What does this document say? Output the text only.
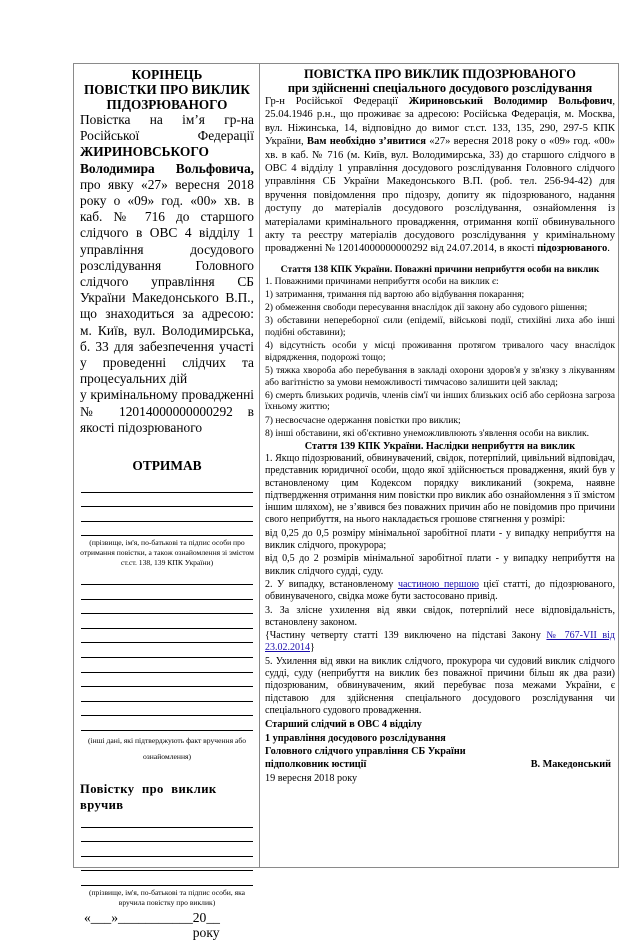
КОРІНЕЦЬ

ПОВІСТКИ ПРО ВИКЛИК

ПІДОЗРЮВАНОГО

Повістка на ім’я гр-на Російської Федерації ЖИРИНОВСЬКОГО Володимира Вольфовича, про явку «27» вересня 2018 року о «09» год. «00» хв. в каб. № 716 до старшого слідчого в ОВС 4 відділу 1 управління досудового розслідування Головного слідчого управління СБ України Македонського В.П., що знаходиться за адресою: м. Київ, вул. Володимирська, б. 33 для забезпечення участі у проведенні слідчих та процесуальних дій

у кримінальному провадженні № 12014000000000292 в якості підозрюваного

ОТРИМАВ

(прізвище, ім'я, по-батькові та підпис особи про отримання повістки, а також ознайомлення зі змістом ст.ст. 138, 139 КПК України)

(інші дані, які підтверджують факт вручення або ознайомлення)

Повістку про виклик вручив

(прізвище, ім'я, по-батькові та підпис особи, яка вручила повістку про виклик)

«___» ___________ 20__ року

ПОВІСТКА ПРО ВИКЛИК ПІДОЗРЮВАНОГО

при здійсненні спеціального досудового розслідування

Гр-н Російської Федерації Жириновський Володимир Вольфович, 25.04.1946 р.н., що проживає за адресою: Російська Федерація, м. Москва, вул. Ніжинська, 14, відповідно до вимог ст.ст. 133, 135, 290, 297-5 КПК України, Вам необхідно з’явитися «27» вересня 2018 року о «09» год. «00» хв. в каб. № 716 (м. Київ, вул. Володимирська, 33) до старшого слідчого в ОВС 4 відділу 1 управління досудового розслідування Головного слідчого управління СБ України Македонського В.П. (роб. тел. 256-94-42) для вручення повідомлення про підозру, допиту як підозрюваного, надання доступу до матеріалів досудового розслідування, ознайомлення із матеріалами кримінального провадження, отримання копії обвинувального акту та реєстру матеріалів досудового розслідування у кримінальному провадженні № 12014000000000292 від 24.07.2014, в якості підозрюваного.

Стаття 138 КПК України. Поважні причини неприбуття особи на виклик

1. Поважними причинами неприбуття особи на виклик є:

1) затримання, тримання під вартою або відбування покарання;

2) обмеження свободи пересування внаслідок дії закону або судового рішення;

3) обставини непереборної сили (епідемії, військові події, стихійні лиха або інші подібні обставини);

4) відсутність особи у місці проживання протягом тривалого часу внаслідок відрядження, подорожі тощо;

5) тяжка хвороба або перебування в закладі охорони здоров'я у зв'язку з лікуванням або вагітністю за умови неможливості тимчасово залишити цей заклад;

6) смерть близьких родичів, членів сім'ї чи інших близьких осіб або серйозна загроза їхньому життю;

7) несвоєчасне одержання повістки про виклик;

8) інші обставини, які об'єктивно унеможливлюють з'явлення особи на виклик.

Стаття 139 КПК України. Наслідки неприбуття на виклик

1. Якщо підозрюваний, обвинувачений, свідок, потерпілий, цивільний відповідач, представник юридичної особи, щодо якої здійснюється провадження, який був у встановленому цим Кодексом порядку викликаний (зокрема, наявне підтвердження отримання ним повістки про виклик або ознайомлення з її змістом іншим шляхом), не з’явився без поважних причин або не повідомив про причини свого неприбуття, на нього накладається грошове стягнення у розмірі:

від 0,25 до 0,5 розміру мінімальної заробітної плати - у випадку неприбуття на виклик слідчого, прокурора;

від 0,5 до 2 розмірів мінімальної заробітної плати - у випадку неприбуття на виклик слідчого судді, суду.

2. У випадку, встановленому частиною першою цієї статті, до підозрюваного, обвинуваченого, свідка може бути застосовано привід.

3. За злісне ухилення від явки свідок, потерпілий несе відповідальність, встановлену законом.

{Частину четверту статті 139 виключено на підставі Закону № 767-VII від 23.02.2014}

5. Ухилення від явки на виклик слідчого, прокурора чи судовий виклик слідчого судді, суду (неприбуття на виклик без поважної причини більш як два рази) підозрюваним, обвинуваченим, який перебуває поза межами України, є підставою для здійснення спеціального досудового розслідування чи спеціального судового провадження.

Старший слідчий в ОВС 4 відділу

1 управління досудового розслідування

Головного слідчого управління СБ України

підполковник юстиції	В. Македонський

19 вересня 2018 року
